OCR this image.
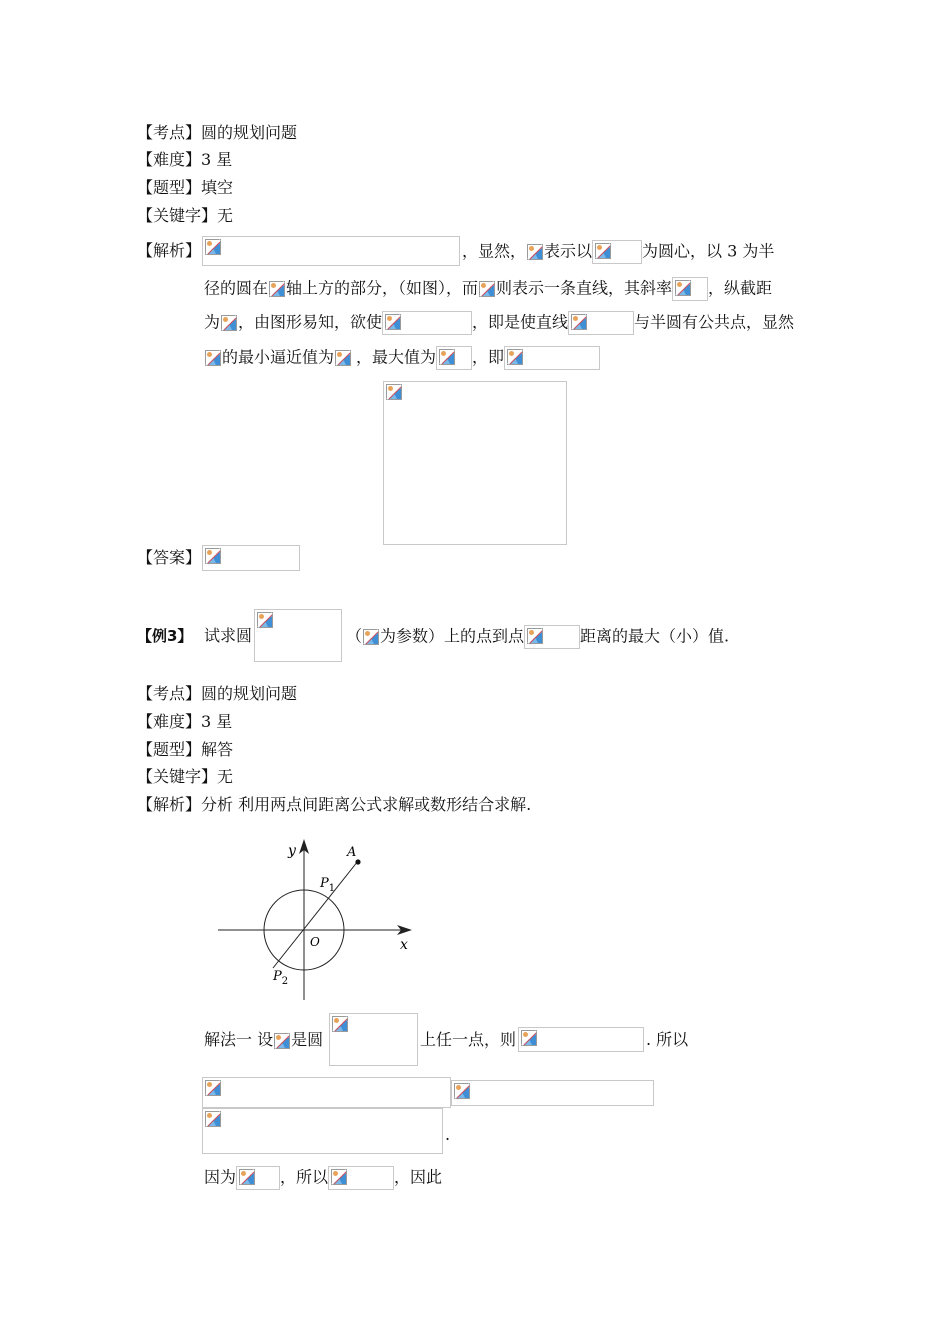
【考点】圆的规划问题
【难度】3 星
【题型】填空
【关键字】无
【解析】	，显然， 表示以	为圆心，以 3 为半
径的圆在 轴上方的部分，（如图），而 则表示一条直线，其斜率 ，纵截距
为 ，由图形易知，欲使	，即是使直线	与半圆有公共点，显然
的最小逼近值为 ，最大值为 ，即
【答案】
【例3】 试求圆	（ 为参数）上的点到点	距离的最大（小）值.
【考点】圆的规划问题
【难度】3 星
【题型】解答
【关键字】无
【解析】分析 利用两点间距离公式求解或数形结合求解.
y
x
A
O
$P_1$
$P_2$
解法一 设 是圆	上任一点，则	. 所以
.
因为	，所以	，因此
